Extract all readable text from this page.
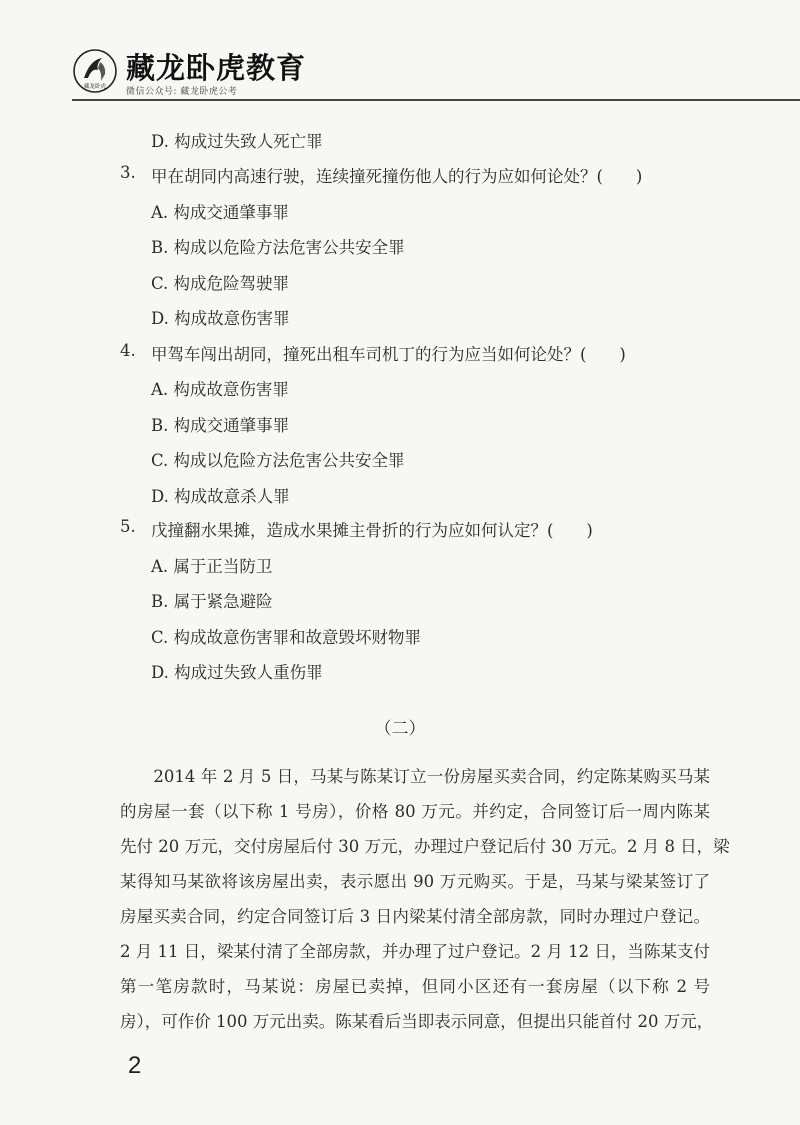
藏龙卧虎
藏龙卧虎教育
微信公众号: 藏龙卧虎公考
D. 构成过失致人死亡罪
3. 甲在胡同内高速行驶，连续撞死撞伤他人的行为应如何论处？(　　)
A. 构成交通肇事罪
B. 构成以危险方法危害公共安全罪
C. 构成危险驾驶罪
D. 构成故意伤害罪
4. 甲驾车闯出胡同，撞死出租车司机丁的行为应当如何论处？(　　)
A. 构成故意伤害罪
B. 构成交通肇事罪
C. 构成以危险方法危害公共安全罪
D. 构成故意杀人罪
5. 戊撞翻水果摊，造成水果摊主骨折的行为应如何认定？(　　)
A. 属于正当防卫
B. 属于紧急避险
C. 构成故意伤害罪和故意毁坏财物罪
D. 构成过失致人重伤罪
（二）
　　2014 年 2 月 5 日，马某与陈某订立一份房屋买卖合同，约定陈某购买马某
的房屋一套（以下称 1 号房），价格 80 万元。并约定，合同签订后一周内陈某
先付 20 万元，交付房屋后付 30 万元，办理过户登记后付 30 万元。2 月 8 日，梁
某得知马某欲将该房屋出卖，表示愿出 90 万元购买。于是，马某与梁某签订了
房屋买卖合同，约定合同签订后 3 日内梁某付清全部房款，同时办理过户登记。
2 月 11 日，梁某付清了全部房款，并办理了过户登记。2 月 12 日，当陈某支付
第一笔房款时，马某说：房屋已卖掉，但同小区还有一套房屋（以下称 2 号
房），可作价 100 万元出卖。陈某看后当即表示同意，但提出只能首付 20 万元，
2
